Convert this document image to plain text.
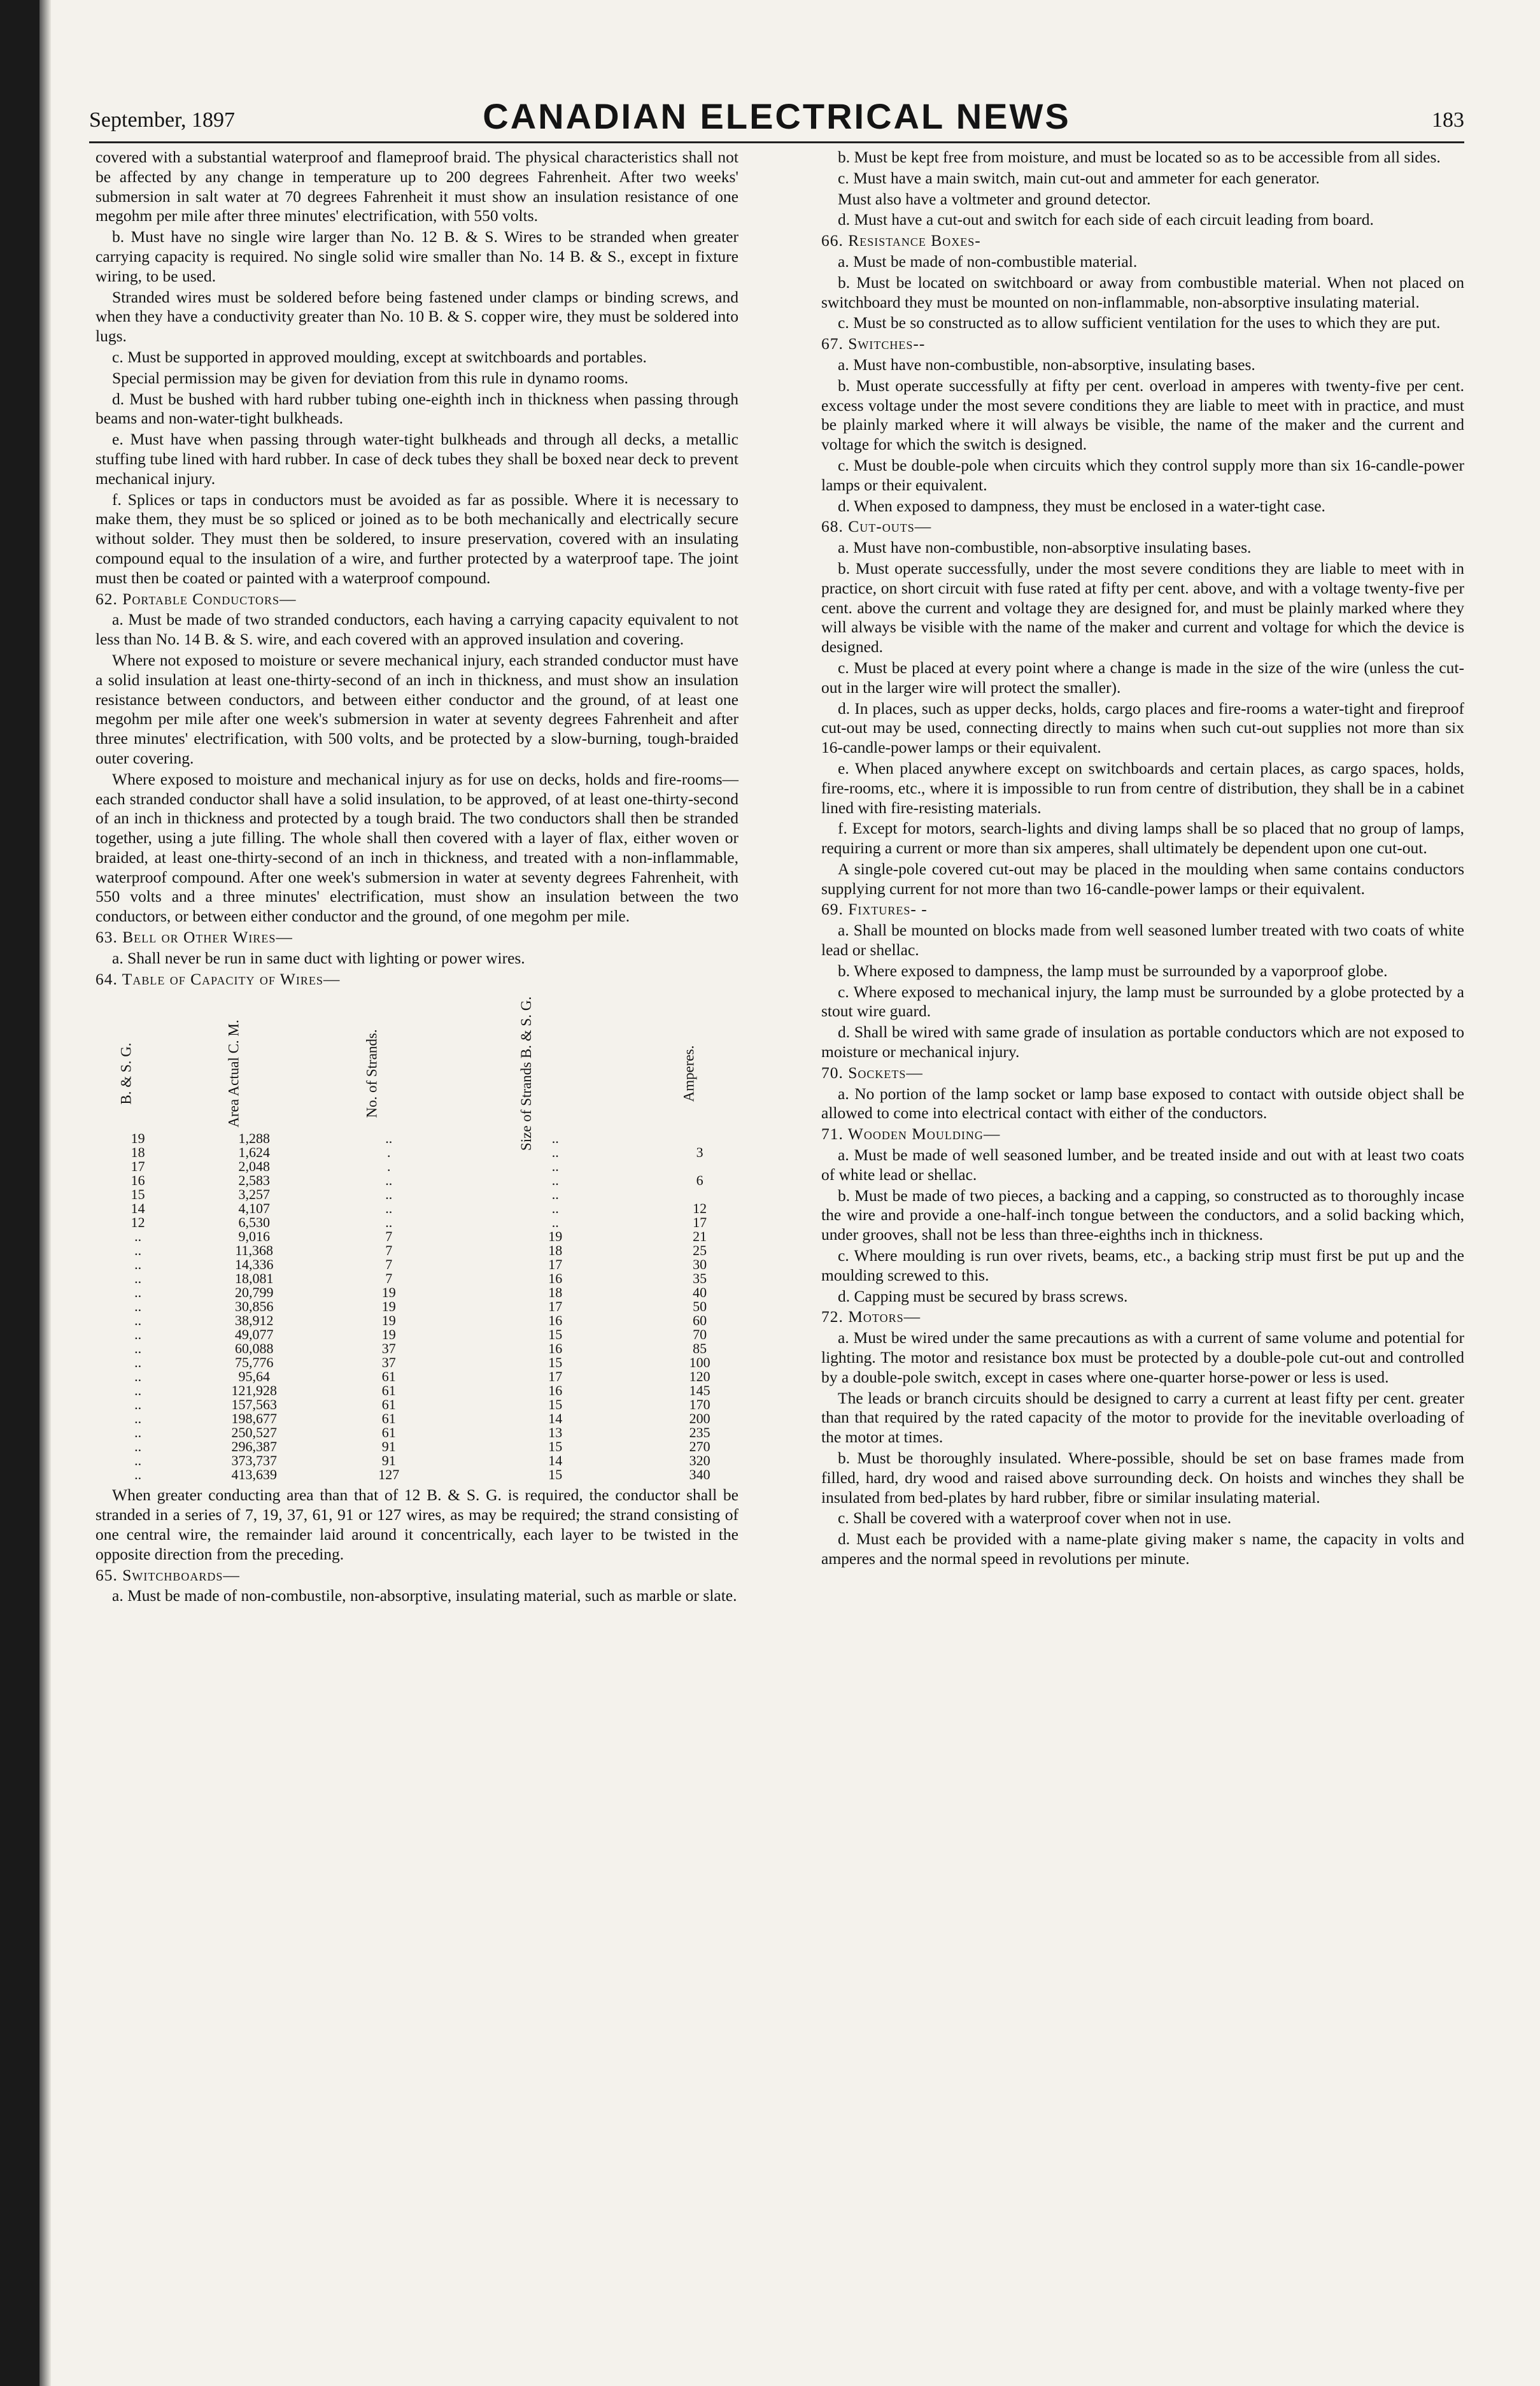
September, 1897	CANADIAN ELECTRICAL NEWS	183

covered with a substantial waterproof and flameproof braid. The physical characteristics shall not be affected by any change in temperature up to 200 degrees Fahrenheit. After two weeks' submersion in salt water at 70 degrees Fahrenheit it must show an insulation resistance of one megohm per mile after three minutes' electrification, with 550 volts.

b. Must have no single wire larger than No. 12 B. & S. Wires to be stranded when greater carrying capacity is required. No single solid wire smaller than No. 14 B. & S., except in fixture wiring, to be used.

Stranded wires must be soldered before being fastened under clamps or binding screws, and when they have a conductivity greater than No. 10 B. & S. copper wire, they must be soldered into lugs.

c. Must be supported in approved moulding, except at switchboards and portables.

Special permission may be given for deviation from this rule in dynamo rooms.

d. Must be bushed with hard rubber tubing one-eighth inch in thickness when passing through beams and non-water-tight bulkheads.

e. Must have when passing through water-tight bulkheads and through all decks, a metallic stuffing tube lined with hard rubber. In case of deck tubes they shall be boxed near deck to prevent mechanical injury.

f. Splices or taps in conductors must be avoided as far as possible. Where it is necessary to make them, they must be so spliced or joined as to be both mechanically and electrically secure without solder. They must then be soldered, to insure preservation, covered with an insulating compound equal to the insulation of a wire, and further protected by a waterproof tape. The joint must then be coated or painted with a waterproof compound.

62. Portable Conductors—

a. Must be made of two stranded conductors, each having a carrying capacity equivalent to not less than No. 14 B. & S. wire, and each covered with an approved insulation and covering.

Where not exposed to moisture or severe mechanical injury, each stranded conductor must have a solid insulation at least one-thirty-second of an inch in thickness, and must show an insulation resistance between conductors, and between either conductor and the ground, of at least one megohm per mile after one week's submersion in water at seventy degrees Fahrenheit and after three minutes' electrification, with 500 volts, and be protected by a slow-burning, tough-braided outer covering.

Where exposed to moisture and mechanical injury as for use on decks, holds and fire-rooms—each stranded conductor shall have a solid insulation, to be approved, of at least one-thirty-second of an inch in thickness and protected by a tough braid. The two conductors shall then be stranded together, using a jute filling. The whole shall then covered with a layer of flax, either woven or braided, at least one-thirty-second of an inch in thickness, and treated with a non-inflammable, waterproof compound. After one week's submersion in water at seventy degrees Fahrenheit, with 550 volts and a three minutes' electrification, must show an insulation between the two conductors, or between either conductor and the ground, of one megohm per mile.

63. Bell or Other Wires—

a. Shall never be run in same duct with lighting or power wires.

64. Table of Capacity of Wires—

B. & S. G.	Area Actual C. M.	No. of Strands.	Size of Strands B. & S. G.	Amperes.
19	1,288	..	..	
18	1,624	.	..	3
17	2,048	.	..	
16	2,583	..	..	6
15	3,257	..	..	
14	4,107	..	..	12
12	6,530	..	..	17
..	9,016	7	19	21
..	11,368	7	18	25
..	14,336	7	17	30
..	18,081	7	16	35
..	20,799	19	18	40
..	30,856	19	17	50
..	38,912	19	16	60
..	49,077	19	15	70
..	60,088	37	16	85
..	75,776	37	15	100
..	95,64	61	17	120
..	121,928	61	16	145
..	157,563	61	15	170
..	198,677	61	14	200
..	250,527	61	13	235
..	296,387	91	15	270
..	373,737	91	14	320
..	413,639	127	15	340

When greater conducting area than that of 12 B. & S. G. is required, the conductor shall be stranded in a series of 7, 19, 37, 61, 91 or 127 wires, as may be required; the strand consisting of one central wire, the remainder laid around it concentrically, each layer to be twisted in the opposite direction from the preceding.

65. Switchboards—

a. Must be made of non-combustile, non-absorptive, insulating material, such as marble or slate.

b. Must be kept free from moisture, and must be located so as to be accessible from all sides.

c. Must have a main switch, main cut-out and ammeter for each generator.

Must also have a voltmeter and ground detector.

d. Must have a cut-out and switch for each side of each circuit leading from board.

66. Resistance Boxes-

a. Must be made of non-combustible material.

b. Must be located on switchboard or away from combustible material. When not placed on switchboard they must be mounted on non-inflammable, non-absorptive insulating material.

c. Must be so constructed as to allow sufficient ventilation for the uses to which they are put.

67. Switches--

a. Must have non-combustible, non-absorptive, insulating bases.

b. Must operate successfully at fifty per cent. overload in amperes with twenty-five per cent. excess voltage under the most severe conditions they are liable to meet with in practice, and must be plainly marked where it will always be visible, the name of the maker and the current and voltage for which the switch is designed.

c. Must be double-pole when circuits which they control supply more than six 16-candle-power lamps or their equivalent.

d. When exposed to dampness, they must be enclosed in a water-tight case.

68. Cut-outs—

a. Must have non-combustible, non-absorptive insulating bases.

b. Must operate successfully, under the most severe conditions they are liable to meet with in practice, on short circuit with fuse rated at fifty per cent. above, and with a voltage twenty-five per cent. above the current and voltage they are designed for, and must be plainly marked where they will always be visible with the name of the maker and current and voltage for which the device is designed.

c. Must be placed at every point where a change is made in the size of the wire (unless the cut-out in the larger wire will protect the smaller).

d. In places, such as upper decks, holds, cargo places and fire-rooms a water-tight and fireproof cut-out may be used, connecting directly to mains when such cut-out supplies not more than six 16-candle-power lamps or their equivalent.

e. When placed anywhere except on switchboards and certain places, as cargo spaces, holds, fire-rooms, etc., where it is impossible to run from centre of distribution, they shall be in a cabinet lined with fire-resisting materials.

f. Except for motors, search-lights and diving lamps shall be so placed that no group of lamps, requiring a current or more than six amperes, shall ultimately be dependent upon one cut-out.

A single-pole covered cut-out may be placed in the moulding when same contains conductors supplying current for not more than two 16-candle-power lamps or their equivalent.

69. Fixtures- -

a. Shall be mounted on blocks made from well seasoned lumber treated with two coats of white lead or shellac.

b. Where exposed to dampness, the lamp must be surrounded by a vaporproof globe.

c. Where exposed to mechanical injury, the lamp must be surrounded by a globe protected by a stout wire guard.

d. Shall be wired with same grade of insulation as portable conductors which are not exposed to moisture or mechanical injury.

70. Sockets—

a. No portion of the lamp socket or lamp base exposed to contact with outside object shall be allowed to come into electrical contact with either of the conductors.

71. Wooden Moulding—

a. Must be made of well seasoned lumber, and be treated inside and out with at least two coats of white lead or shellac.

b. Must be made of two pieces, a backing and a capping, so constructed as to thoroughly incase the wire and provide a one-half-inch tongue between the conductors, and a solid backing which, under grooves, shall not be less than three-eighths inch in thickness.

c. Where moulding is run over rivets, beams, etc., a backing strip must first be put up and the moulding screwed to this.

d. Capping must be secured by brass screws.

72. Motors—

a. Must be wired under the same precautions as with a current of same volume and potential for lighting. The motor and resistance box must be protected by a double-pole cut-out and controlled by a double-pole switch, except in cases where one-quarter horse-power or less is used.

The leads or branch circuits should be designed to carry a current at least fifty per cent. greater than that required by the rated capacity of the motor to provide for the inevitable overloading of the motor at times.

b. Must be thoroughly insulated. Where-possible, should be set on base frames made from filled, hard, dry wood and raised above surrounding deck. On hoists and winches they shall be insulated from bed-plates by hard rubber, fibre or similar insulating material.

c. Shall be covered with a waterproof cover when not in use.

d. Must each be provided with a name-plate giving maker s name, the capacity in volts and amperes and the normal speed in revolutions per minute.
